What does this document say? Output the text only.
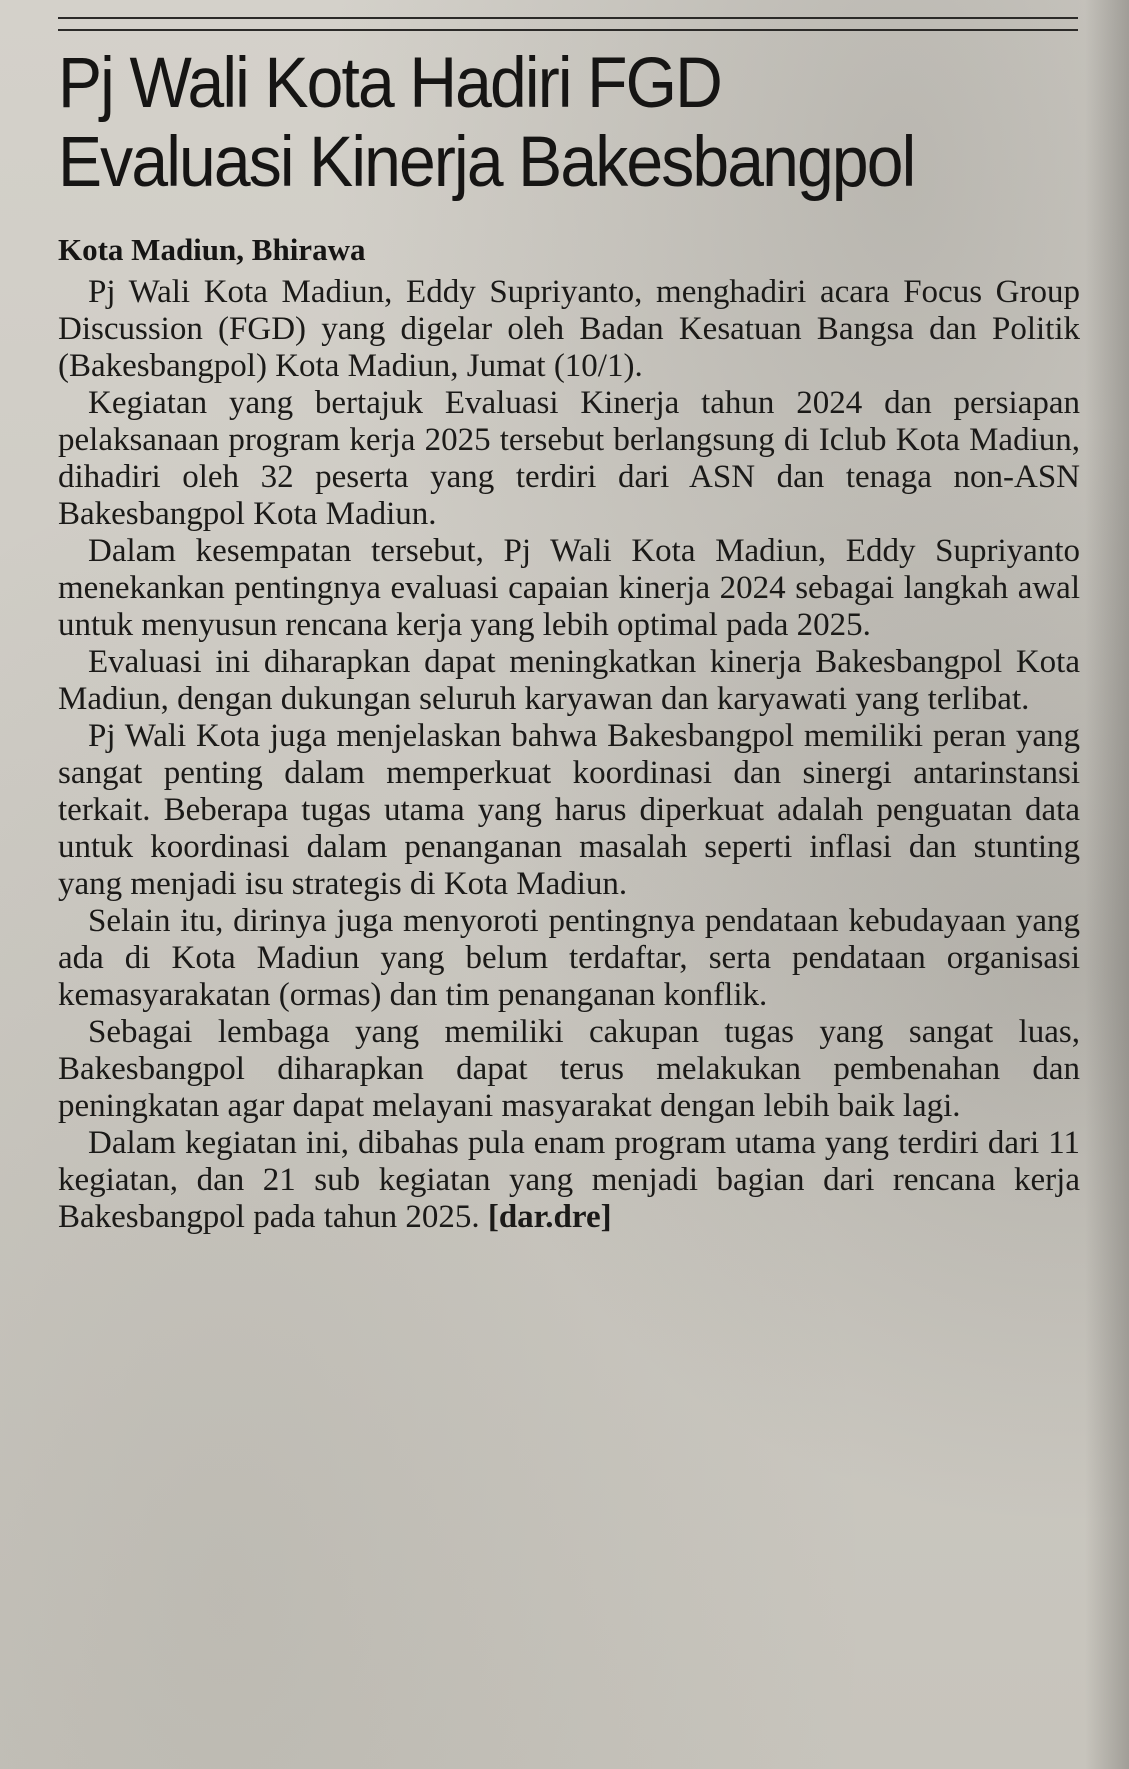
Pj Wali Kota Hadiri FGD
Evaluasi Kinerja Bakesbangpol
Kota Madiun, Bhirawa

Pj Wali Kota Madiun, Eddy Supriyanto, menghadiri acara Focus Group Discussion (FGD) yang digelar oleh Badan Kesatuan Bangsa dan Politik (Bakesbangpol) Kota Madiun, Jumat (10/1).

Kegiatan yang bertajuk Evaluasi Kinerja tahun 2024 dan persiapan pelaksanaan program kerja 2025 tersebut berlangsung di Iclub Kota Madiun, dihadiri oleh 32 peserta yang terdiri dari ASN dan tenaga non-ASN Bakesbangpol Kota Madiun.

Dalam kesempatan tersebut, Pj Wali Kota Madiun, Eddy Supriyanto menekankan pentingnya evaluasi capaian kinerja 2024 sebagai langkah awal untuk menyusun rencana kerja yang lebih optimal pada 2025.

Evaluasi ini diharapkan dapat meningkatkan kinerja Bakesbangpol Kota Madiun, dengan dukungan seluruh karyawan dan karyawati yang terlibat.

Pj Wali Kota juga menjelaskan bahwa Bakesbangpol memiliki peran yang sangat penting dalam memperkuat koordinasi dan sinergi antarinstansi terkait. Beberapa tugas utama yang harus diperkuat adalah penguatan data untuk koordinasi dalam penanganan masalah seperti inflasi dan stunting yang menjadi isu strategis di Kota Madiun.

Selain itu, dirinya juga menyoroti pentingnya pendataan kebudayaan yang ada di Kota Madiun yang belum terdaftar, serta pendataan organisasi kemasyarakatan (ormas) dan tim penanganan konflik.

Sebagai lembaga yang memiliki cakupan tugas yang sangat luas, Bakesbangpol diharapkan dapat terus melakukan pembenahan dan peningkatan agar dapat melayani masyarakat dengan lebih baik lagi.

Dalam kegiatan ini, dibahas pula enam program utama yang terdiri dari 11 kegiatan, dan 21 sub kegiatan yang menjadi bagian dari rencana kerja Bakesbangpol pada tahun 2025. [dar.dre]
